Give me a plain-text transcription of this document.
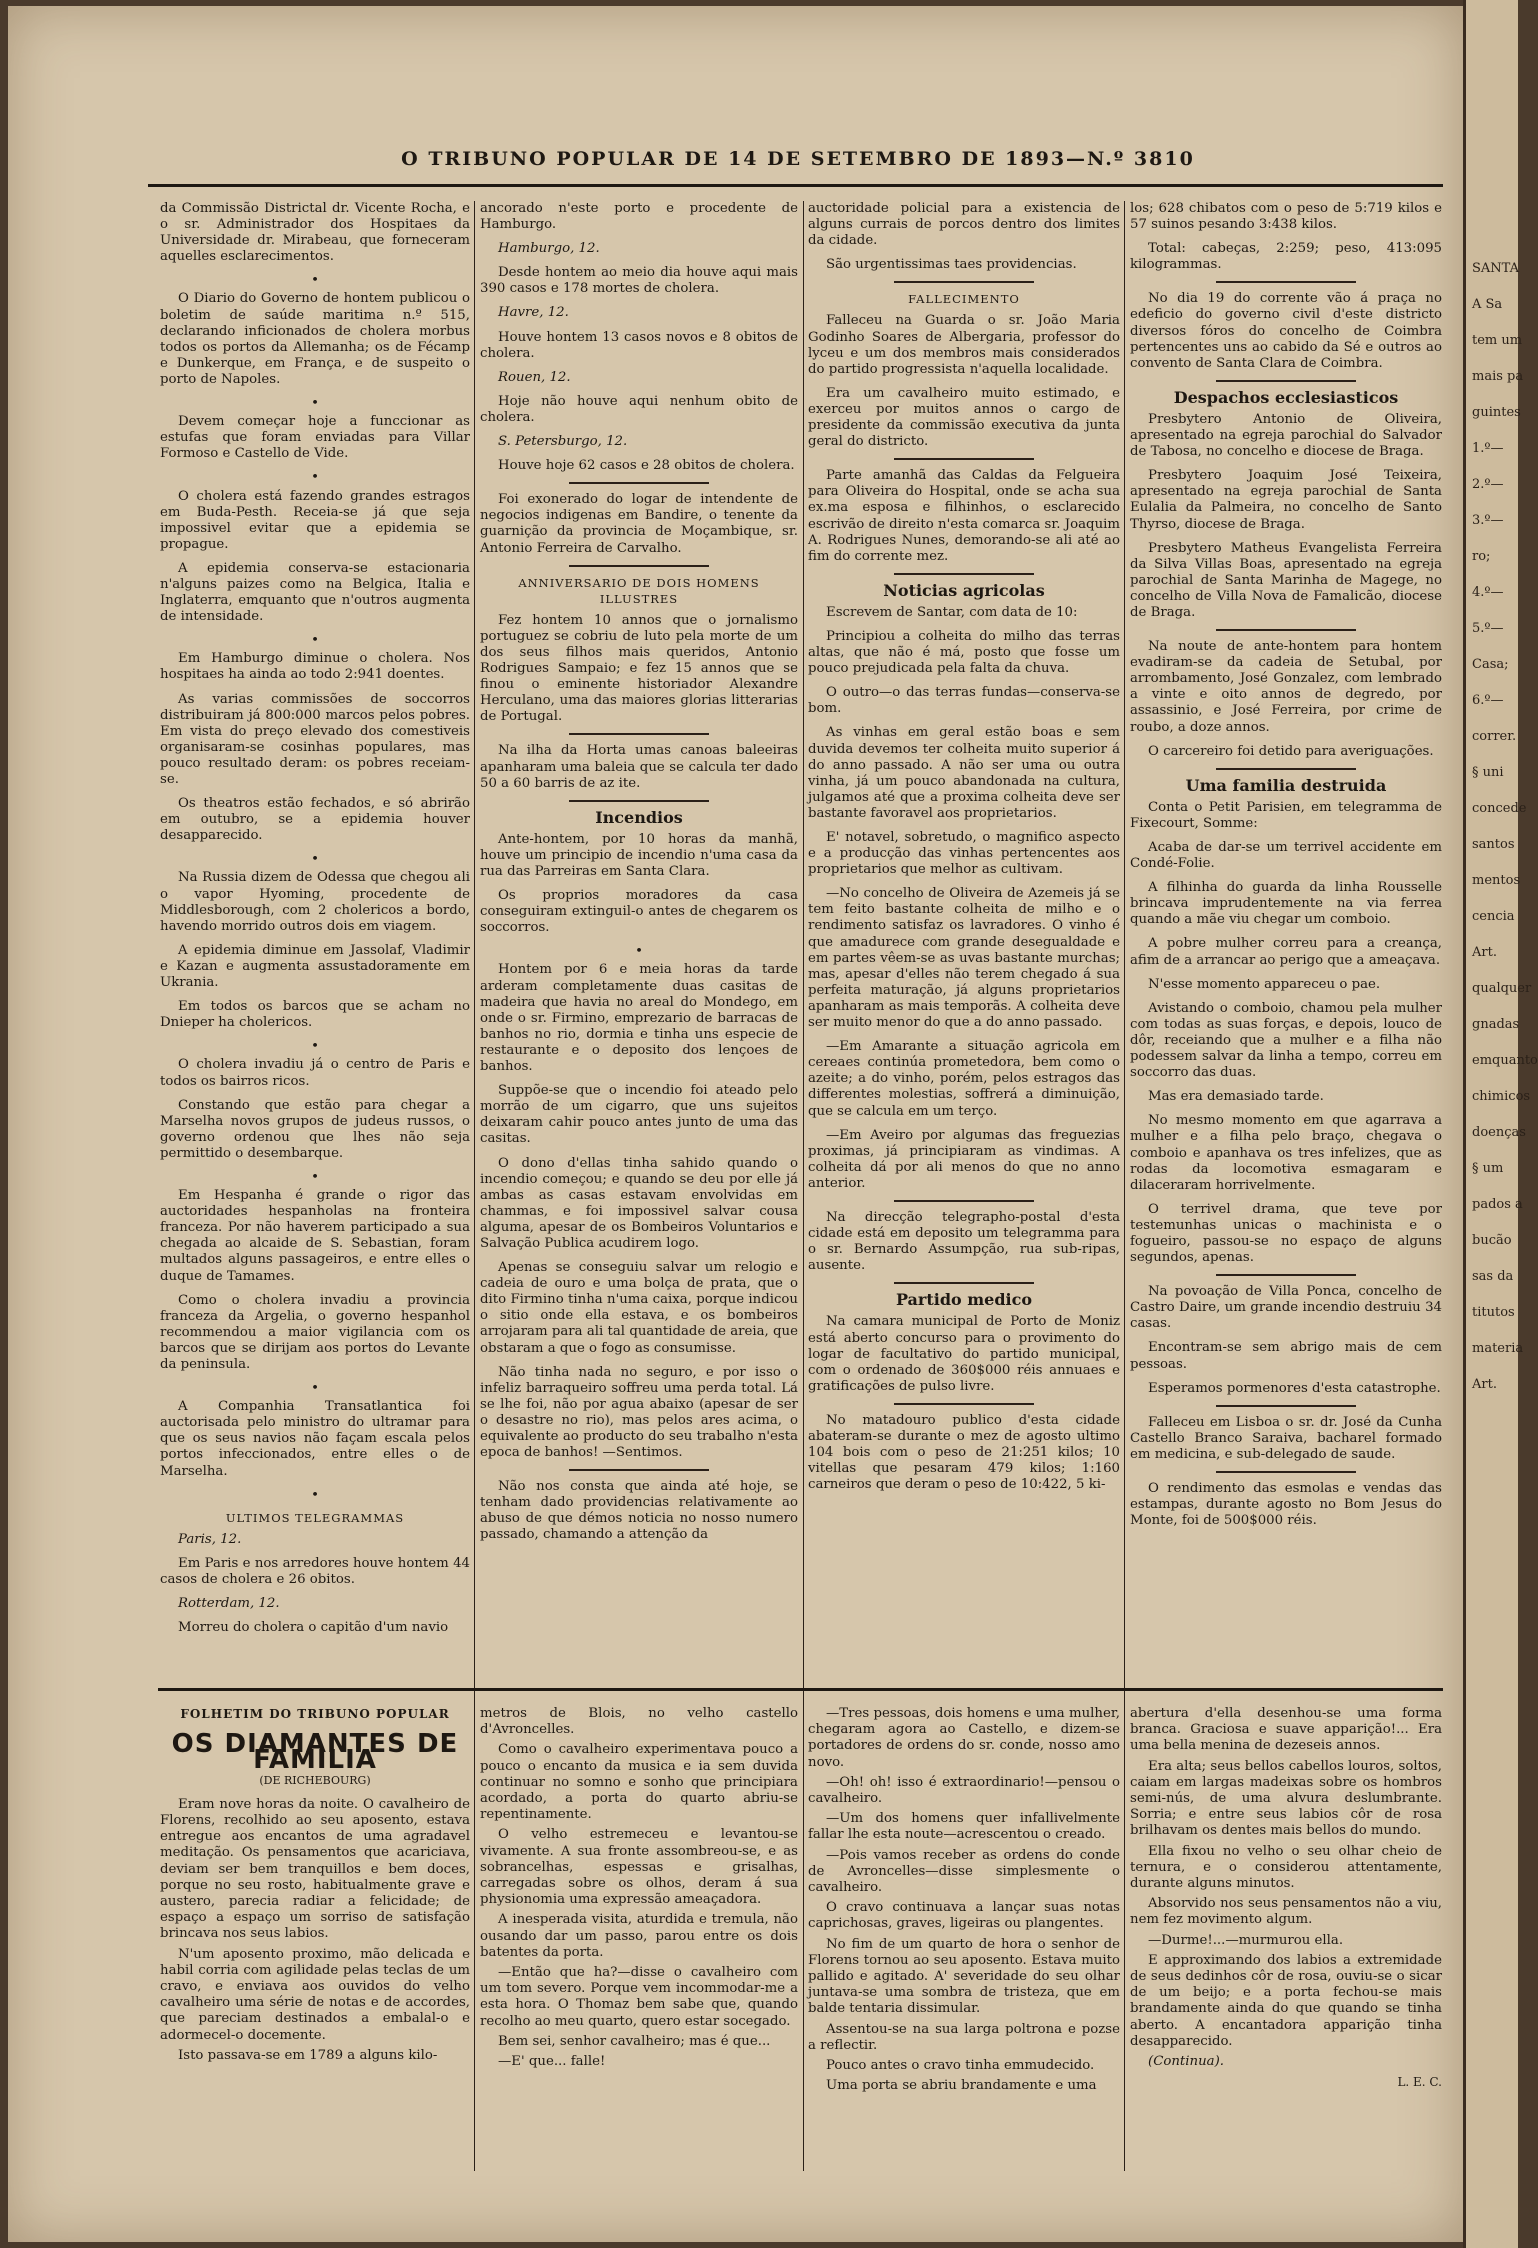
O TRIBUNO POPULAR DE 14 DE SETEMBRO DE 1893—N.º 3810

da Commissão Districtal dr. Vicente Rocha, e o sr. Administrador dos Hospitaes da Universidade dr. Mirabeau, que forneceram aquelles esclarecimentos.

•

O Diario do Governo de hontem publicou o boletim de saúde maritima n.º 515, declarando inficionados de cholera morbus todos os portos da Allemanha; os de Fécamp e Dunkerque, em França, e de suspeito o porto de Napoles.

•

Devem começar hoje a funccionar as estufas que foram enviadas para Villar Formoso e Castello de Vide.

•

O cholera está fazendo grandes estragos em Buda-Pesth. Receia-se já que seja impossivel evitar que a epidemia se propague.

A epidemia conserva-se estacionaria n'alguns paizes como na Belgica, Italia e Inglaterra, emquanto que n'outros augmenta de intensidade.

•

Em Hamburgo diminue o cholera. Nos hospitaes ha ainda ao todo 2:941 doentes.

As varias commissões de soccorros distribuiram já 800:000 marcos pelos pobres. Em vista do preço elevado dos comestiveis organisaram-se cosinhas populares, mas pouco resultado deram: os pobres receiam-se.

Os theatros estão fechados, e só abrirão em outubro, se a epidemia houver desapparecido.

•

Na Russia dizem de Odessa que chegou ali o vapor Hyoming, procedente de Middlesborough, com 2 cholericos a bordo, havendo morrido outros dois em viagem.

A epidemia diminue em Jassolaf, Vladimir e Kazan e augmenta assustadoramente em Ukrania.

Em todos os barcos que se acham no Dnieper ha cholericos.

•

O cholera invadiu já o centro de Paris e todos os bairros ricos.

Constando que estão para chegar a Marselha novos grupos de judeus russos, o governo ordenou que lhes não seja permittido o desembarque.

•

Em Hespanha é grande o rigor das auctoridades hespanholas na fronteira franceza. Por não haverem participado a sua chegada ao alcaide de S. Sebastian, foram multados alguns passageiros, e entre elles o duque de Tamames.

Como o cholera invadiu a provincia franceza da Argelia, o governo hespanhol recommendou a maior vigilancia com os barcos que se dirijam aos portos do Levante da peninsula.

•

A Companhia Transatlantica foi auctorisada pelo ministro do ultramar para que os seus navios não façam escala pelos portos infeccionados, entre elles o de Marselha.

•
ULTIMOS TELEGRAMMAS

Paris, 12.

Em Paris e nos arredores houve hontem 44 casos de cholera e 26 obitos.

Rotterdam, 12.

Morreu do cholera o capitão d'um navio

ancorado n'este porto e procedente de Hamburgo.

Hamburgo, 12.

Desde hontem ao meio dia houve aqui mais 390 casos e 178 mortes de cholera.

Havre, 12.

Houve hontem 13 casos novos e 8 obitos de cholera.

Rouen, 12.

Hoje não houve aqui nenhum obito de cholera.

S. Petersburgo, 12.

Houve hoje 62 casos e 28 obitos de cholera.

Foi exonerado do logar de intendente de negocios indigenas em Bandire, o tenente da guarnição da provincia de Moçambique, sr. Antonio Ferreira de Carvalho.

ANNIVERSARIO DE DOIS HOMENS ILLUSTRES

Fez hontem 10 annos que o jornalismo portuguez se cobriu de luto pela morte de um dos seus filhos mais queridos, Antonio Rodrigues Sampaio; e fez 15 annos que se finou o eminente historiador Alexandre Herculano, uma das maiores glorias litterarias de Portugal.

Na ilha da Horta umas canoas baleeiras apanharam uma baleia que se calcula ter dado 50 a 60 barris de az ite.

Incendios

Ante-hontem, por 10 horas da manhã, houve um principio de incendio n'uma casa da rua das Parreiras em Santa Clara.

Os proprios moradores da casa conseguiram extinguil-o antes de chegarem os soccorros.

•

Hontem por 6 e meia horas da tarde arderam completamente duas casitas de madeira que havia no areal do Mondego, em onde o sr. Firmino, emprezario de barracas de banhos no rio, dormia e tinha uns especie de restaurante e o deposito dos lençoes de banhos.

Suppõe-se que o incendio foi ateado pelo morrão de um cigarro, que uns sujeitos deixaram cahir pouco antes junto de uma das casitas.

O dono d'ellas tinha sahido quando o incendio começou; e quando se deu por elle já ambas as casas estavam envolvidas em chammas, e foi impossivel salvar cousa alguma, apesar de os Bombeiros Voluntarios e Salvação Publica acudirem logo.

Apenas se conseguiu salvar um relogio e cadeia de ouro e uma bolça de prata, que o dito Firmino tinha n'uma caixa, porque indicou o sitio onde ella estava, e os bombeiros arrojaram para ali tal quantidade de areia, que obstaram a que o fogo as consumisse.

Não tinha nada no seguro, e por isso o infeliz barraqueiro soffreu uma perda total. Lá se lhe foi, não por agua abaixo (apesar de ser o desastre no rio), mas pelos ares acima, o equivalente ao producto do seu trabalho n'esta epoca de banhos! —Sentimos.

Não nos consta que ainda até hoje, se tenham dado providencias relativamente ao abuso de que démos noticia no nosso numero passado, chamando a attenção da

auctoridade policial para a existencia de alguns currais de porcos dentro dos limites da cidade.

São urgentissimas taes providencias.

FALLECIMENTO

Falleceu na Guarda o sr. João Maria Godinho Soares de Albergaria, professor do lyceu e um dos membros mais considerados do partido progressista n'aquella localidade.

Era um cavalheiro muito estimado, e exerceu por muitos annos o cargo de presidente da commissão executiva da junta geral do districto.

Parte amanhã das Caldas da Felgueira para Oliveira do Hospital, onde se acha sua ex.ma esposa e filhinhos, o esclarecido escrivão de direito n'esta comarca sr. Joaquim A. Rodrigues Nunes, demorando-se ali até ao fim do corrente mez.

Noticias agricolas

Escrevem de Santar, com data de 10:

Principiou a colheita do milho das terras altas, que não é má, posto que fosse um pouco prejudicada pela falta da chuva.

O outro—o das terras fundas—conserva-se bom.

As vinhas em geral estão boas e sem duvida devemos ter colheita muito superior á do anno passado. A não ser uma ou outra vinha, já um pouco abandonada na cultura, julgamos até que a proxima colheita deve ser bastante favoravel aos proprietarios.

E' notavel, sobretudo, o magnifico aspecto e a producção das vinhas pertencentes aos proprietarios que melhor as cultivam.

—No concelho de Oliveira de Azemeis já se tem feito bastante colheita de milho e o rendimento satisfaz os lavradores. O vinho é que amadurece com grande desegualdade e em partes vêem-se as uvas bastante murchas; mas, apesar d'elles não terem chegado á sua perfeita maturação, já alguns proprietarios apanharam as mais temporãs. A colheita deve ser muito menor do que a do anno passado.

—Em Amarante a situação agricola em cereaes continúa prometedora, bem como o azeite; a do vinho, porém, pelos estragos das differentes molestias, soffrerá a diminuição, que se calcula em um terço.

—Em Aveiro por algumas das freguezias proximas, já principiaram as vindimas. A colheita dá por ali menos do que no anno anterior.

Na direcção telegrapho-postal d'esta cidade está em deposito um telegramma para o sr. Bernardo Assumpção, rua sub-ripas, ausente.

Partido medico

Na camara municipal de Porto de Moniz está aberto concurso para o provimento do logar de facultativo do partido municipal, com o ordenado de 360$000 réis annuaes e gratificações de pulso livre.

No matadouro publico d'esta cidade abateram-se durante o mez de agosto ultimo 104 bois com o peso de 21:251 kilos; 10 vitellas que pesaram 479 kilos; 1:160 carneiros que deram o peso de 10:422, 5 ki-

los; 628 chibatos com o peso de 5:719 kilos e 57 suinos pesando 3:438 kilos.

Total: cabeças, 2:259; peso, 413:095 kilogrammas.

No dia 19 do corrente vão á praça no edeficio do governo civil d'este districto diversos fóros do concelho de Coimbra pertencentes uns ao cabido da Sé e outros ao convento de Santa Clara de Coimbra.

Despachos ecclesiasticos

Presbytero Antonio de Oliveira, apresentado na egreja parochial do Salvador de Tabosa, no concelho e diocese de Braga.

Presbytero Joaquim José Teixeira, apresentado na egreja parochial de Santa Eulalia da Palmeira, no concelho de Santo Thyrso, diocese de Braga.

Presbytero Matheus Evangelista Ferreira da Silva Villas Boas, apresentado na egreja parochial de Santa Marinha de Magege, no concelho de Villa Nova de Famalicão, diocese de Braga.

Na noute de ante-hontem para hontem evadiram-se da cadeia de Setubal, por arrombamento, José Gonzalez, com lembrado a vinte e oito annos de degredo, por assassinio, e José Ferreira, por crime de roubo, a doze annos.

O carcereiro foi detido para averiguações.

Uma familia destruida

Conta o Petit Parisien, em telegramma de Fixecourt, Somme:

Acaba de dar-se um terrivel accidente em Condé-Folie.

A filhinha do guarda da linha Rousselle brincava imprudentemente na via ferrea quando a mãe viu chegar um comboio.

A pobre mulher correu para a creança, afim de a arrancar ao perigo que a ameaçava.

N'esse momento appareceu o pae.

Avistando o comboio, chamou pela mulher com todas as suas forças, e depois, louco de dôr, receiando que a mulher e a filha não podessem salvar da linha a tempo, correu em soccorro das duas.

Mas era demasiado tarde.

No mesmo momento em que agarrava a mulher e a filha pelo braço, chegava o comboio e apanhava os tres infelizes, que as rodas da locomotiva esmagaram e dilaceraram horrivelmente.

O terrivel drama, que teve por testemunhas unicas o machinista e o fogueiro, passou-se no espaço de alguns segundos, apenas.

Na povoação de Villa Ponca, concelho de Castro Daire, um grande incendio destruiu 34 casas.

Encontram-se sem abrigo mais de cem pessoas.

Esperamos pormenores d'esta catastrophe.

Falleceu em Lisboa o sr. dr. José da Cunha Castello Branco Saraiva, bacharel formado em medicina, e sub-delegado de saude.

O rendimento das esmolas e vendas das estampas, durante agosto no Bom Jesus do Monte, foi de 500$000 réis.

FOLHETIM DO TRIBUNO POPULAR
OS DIAMANTES DE FAMILIA
(DE RICHEBOURG)

Eram nove horas da noite. O cavalheiro de Florens, recolhido ao seu aposento, estava entregue aos encantos de uma agradavel meditação. Os pensamentos que acariciava, deviam ser bem tranquillos e bem doces, porque no seu rosto, habitualmente grave e austero, parecia radiar a felicidade; de espaço a espaço um sorriso de satisfação brincava nos seus labios.

N'um aposento proximo, mão delicada e habil corria com agilidade pelas teclas de um cravo, e enviava aos ouvidos do velho cavalheiro uma série de notas e de accordes, que pareciam destinados a embalal-o e adormecel-o docemente.

Isto passava-se em 1789 a alguns kilo-

metros de Blois, no velho castello d'Avroncelles.

Como o cavalheiro experimentava pouco a pouco o encanto da musica e ia sem duvida continuar no somno e sonho que principiara acordado, a porta do quarto abriu-se repentinamente.

O velho estremeceu e levantou-se vivamente. A sua fronte assombreou-se, e as sobrancelhas, espessas e grisalhas, carregadas sobre os olhos, deram á sua physionomia uma expressão ameaçadora.

A inesperada visita, aturdida e tremula, não ousando dar um passo, parou entre os dois batentes da porta.

—Então que ha?—disse o cavalheiro com um tom severo. Porque vem incommodar-me a esta hora. O Thomaz bem sabe que, quando recolho ao meu quarto, quero estar socegado.

Bem sei, senhor cavalheiro; mas é que...

—E' que... falle!

—Tres pessoas, dois homens e uma mulher, chegaram agora ao Castello, e dizem-se portadores de ordens do sr. conde, nosso amo novo.

—Oh! oh! isso é extraordinario!—pensou o cavalheiro.

—Um dos homens quer infallivelmente fallar lhe esta noute—acrescentou o creado.

—Pois vamos receber as ordens do conde de Avroncelles—disse simplesmente o cavalheiro.

O cravo continuava a lançar suas notas caprichosas, graves, ligeiras ou plangentes.

No fim de um quarto de hora o senhor de Florens tornou ao seu aposento. Estava muito pallido e agitado. A' severidade do seu olhar juntava-se uma sombra de tristeza, que em balde tentaria dissimular.

Assentou-se na sua larga poltrona e pozse a reflectir.

Pouco antes o cravo tinha emmudecido.

Uma porta se abriu brandamente e uma

abertura d'ella desenhou-se uma forma branca. Graciosa e suave apparição!... Era uma bella menina de dezeseis annos.

Era alta; seus bellos cabellos louros, soltos, caiam em largas madeixas sobre os hombros semi-nús, de uma alvura deslumbrante. Sorria; e entre seus labios côr de rosa brilhavam os dentes mais bellos do mundo.

Ella fixou no velho o seu olhar cheio de ternura, e o considerou attentamente, durante alguns minutos.

Absorvido nos seus pensamentos não a viu, nem fez movimento algum.

—Durme!...—murmurou ella.

E approximando dos labios a extremidade de seus dedinhos côr de rosa, ouviu-se o sicar de um beijo; e a porta fechou-se mais brandamente ainda do que quando se tinha aberto. A encantadora apparição tinha desapparecido.

(Continua).

L. E. C.

SANTA
A Sa
tem um
mais pa
guintes
1.º—
2.º—
3.º—
ro;
4.º—
5.º—
Casa;
6.º—
correr.
§ uni
concede
santos
mentos
cencia
Art.
qualquer
gnadas
emquanto
chimicos
doenças
§ um
pados a
bucão
sas da
titutos
materia
Art.
